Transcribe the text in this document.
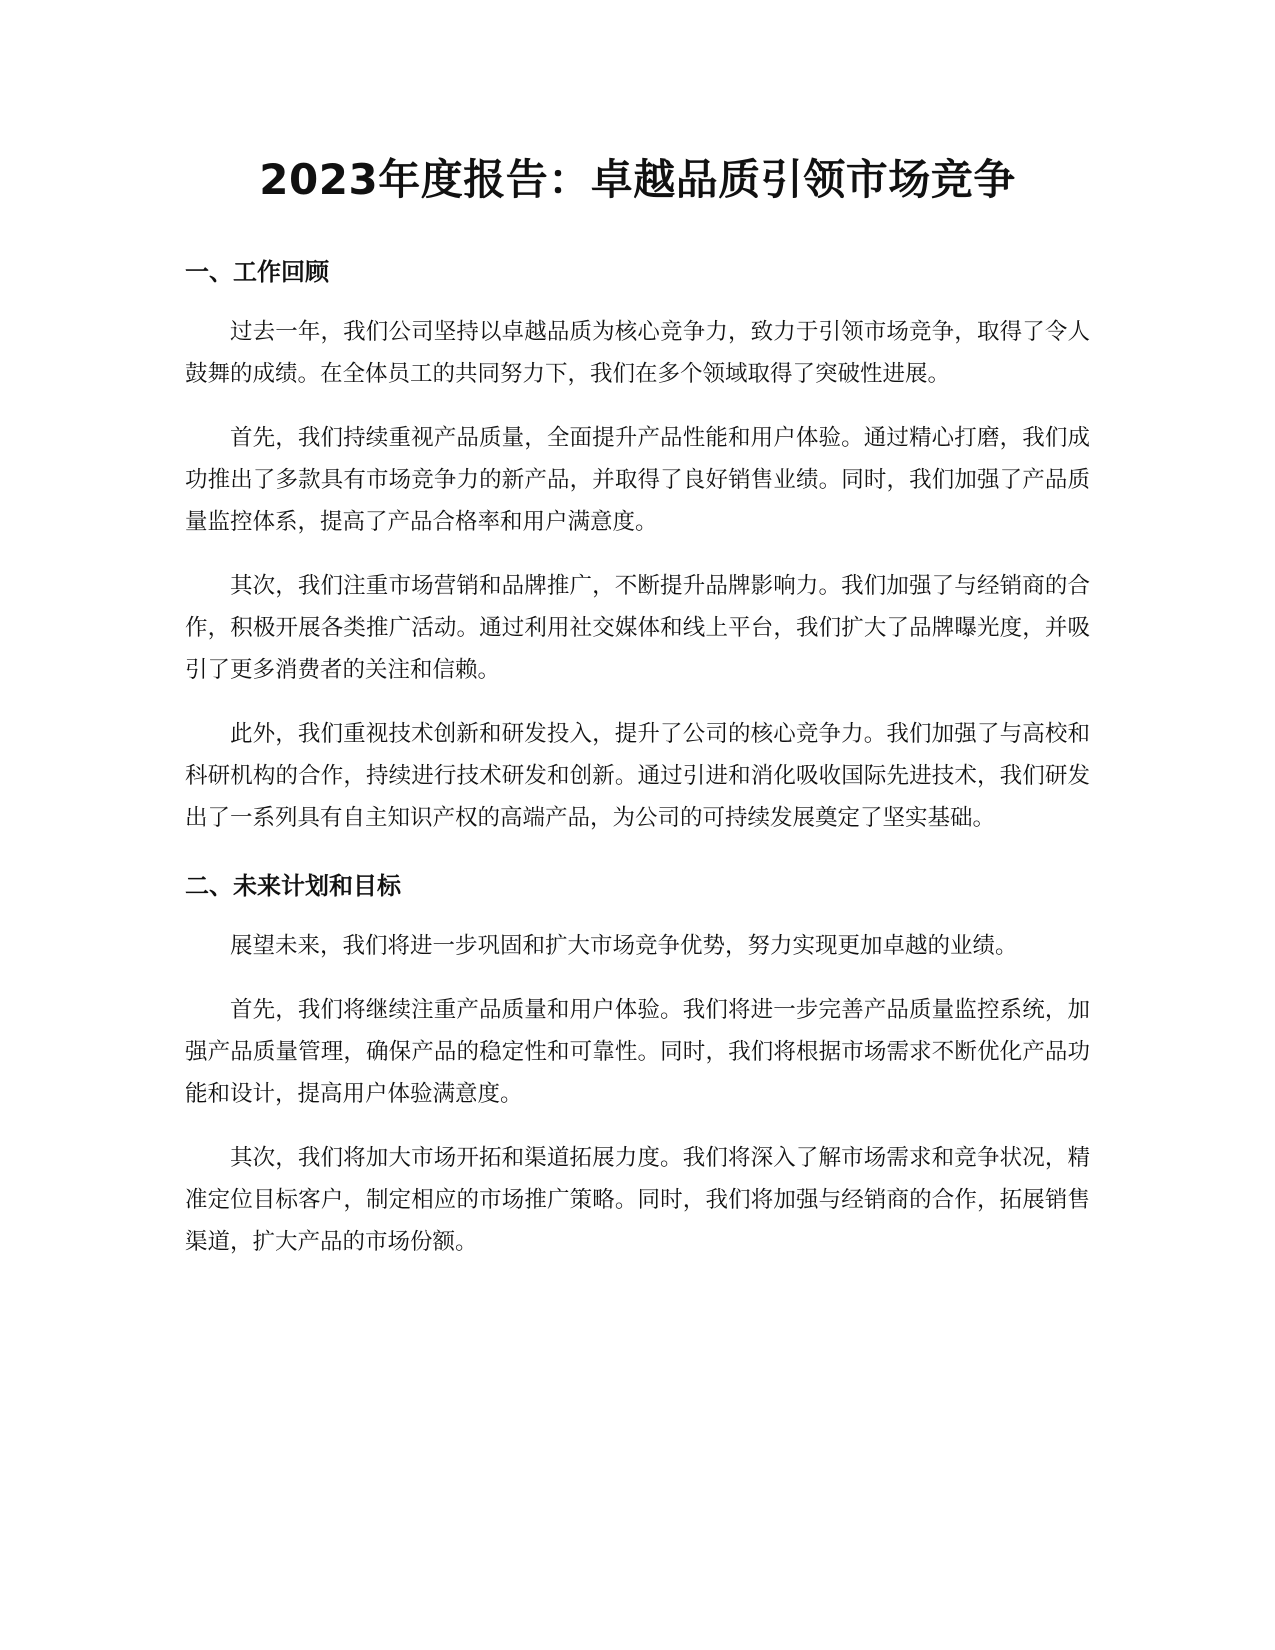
2023年度报告：卓越品质引领市场竞争
一、工作回顾

过去一年，我们公司坚持以卓越品质为核心竞争力，致力于引领市场竞争，取得了令人鼓舞的成绩。在全体员工的共同努力下，我们在多个领域取得了突破性进展。

首先，我们持续重视产品质量，全面提升产品性能和用户体验。通过精心打磨，我们成功推出了多款具有市场竞争力的新产品，并取得了良好销售业绩。同时，我们加强了产品质量监控体系，提高了产品合格率和用户满意度。

其次，我们注重市场营销和品牌推广，不断提升品牌影响力。我们加强了与经销商的合作，积极开展各类推广活动。通过利用社交媒体和线上平台，我们扩大了品牌曝光度，并吸引了更多消费者的关注和信赖。

此外，我们重视技术创新和研发投入，提升了公司的核心竞争力。我们加强了与高校和科研机构的合作，持续进行技术研发和创新。通过引进和消化吸收国际先进技术，我们研发出了一系列具有自主知识产权的高端产品，为公司的可持续发展奠定了坚实基础。

二、未来计划和目标

展望未来，我们将进一步巩固和扩大市场竞争优势，努力实现更加卓越的业绩。

首先，我们将继续注重产品质量和用户体验。我们将进一步完善产品质量监控系统，加强产品质量管理，确保产品的稳定性和可靠性。同时，我们将根据市场需求不断优化产品功能和设计，提高用户体验满意度。

其次，我们将加大市场开拓和渠道拓展力度。我们将深入了解市场需求和竞争状况，精准定位目标客户，制定相应的市场推广策略。同时，我们将加强与经销商的合作，拓展销售渠道，扩大产品的市场份额。
